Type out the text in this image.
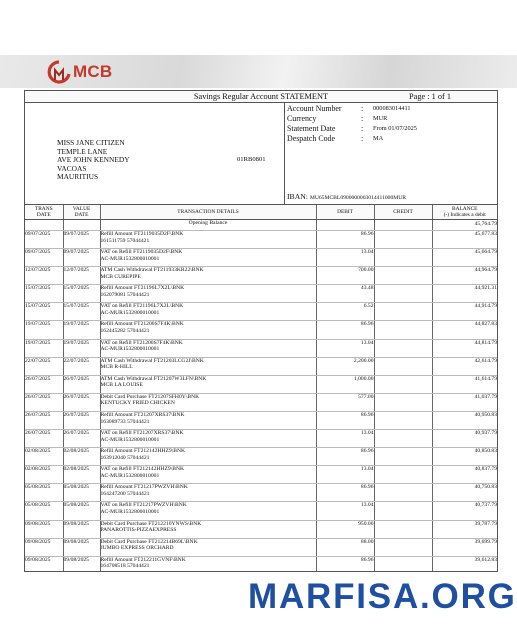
MCB
Savings Regular Account STATEMENT	Page : 1 of 1
MISS JANE CITIZEN
TEMPLE LANE
AVE JOHN KENNEDY
VACOAS
MAURITIUS
01RB0801
Account Number : 000083014411
Currency	: MUR
Statement Date	: From 01/07/2025
Despatch Code	: MA
IBAN: MU65MCBL0900000003014411000MUR
TRANS
DATE	VALUE
DATE	TRANSACTION DETAILS	DEBIT	CREDIT	BALANCE
(-) Indicates a debit
		Opening Balance			45,764.79
09/07/2025	09/07/2025	Refill Amount FT2119035D2F\BNK
161511759 57044421	86.96		45,677.83
09/07/2025	09/07/2025	VAT on Refill FT2119035D2F\BNK
AC-MUR1532800010001	13.04		45,664.79
12/07/2025	12/07/2025	ATM Cash Withdrawal FT211933KR22\BNK
MCB CUREPIPE	700.00		44,964.79
15/07/2025	15/07/2025	Refill Amount FT21196L7X2L\BNK
162079081 57044421	43.48		44,921.31
15/07/2025	15/07/2025	VAT on Refill FT21196L7X2L\BNK
AC-MUR1532800010001	6.52		44,914.79
19/07/2025	19/07/2025	Refill Amount FT21200S7F4K\BNK
162445282 57044421	86.96		44,827.83
19/07/2025	19/07/2025	VAT on Refill FT21200S7F4K\BNK
AC-MUR1532800010001	13.04		44,814.79
22/07/2025	22/07/2025	ATM Cash Withdrawal FT21203LCG2J\BNK
MCB R-HILL	2,200.00		42,614.79
26/07/2025	26/07/2025	ATM Cash Withdrawal FT21207W3LFN\BNK
MCB LA LOUISE	1,000.00		41,614.79
26/07/2025	26/07/2025	Debit Card Purchase FT21207SFH0Y\BNK
KENTUCKY FRIED CHICKEN	577.00		41,037.79
26/07/2025	26/07/2025	Refill Amount FT21207XRS37\BNK
163089733 57044421	86.96		40,950.83
26/07/2025	26/07/2025	VAT on Refill FT21207XRS37\BNK
AC-MUR1532800010001	13.04		40,937.79
02/08/2025	02/08/2025	Refill Amount FT212142HHZ9\BNK
163912040 57044421	86.96		40,850.83
02/08/2025	02/08/2025	VAT on Refill FT212142HHZ9\BNK
AC-MUR1532800010001	13.04		40,837.79
05/08/2025	05/08/2025	Refill Amount FT21217PWZVH\BNK
164247200 57044421	86.96		40,750.83
05/08/2025	05/08/2025	VAT on Refill FT21217PWZVH\BNK
AC-MUR1532800010001	13.04		40,737.79
09/08/2025	09/08/2025	Debit Card Purchase FT212210YNWS\BNK
PANAROTTIS-PIZZAEXPRESS	950.00		39,787.79
09/08/2025	09/08/2025	Debit Card Purchase FT212214B69L\BNK
JUMBO EXPRESS ORCHARD	88.00		39,699.79
09/08/2025	09/08/2025	Refill Amount FT212211GVNF\BNK
164708518 57044421	86.96		39,612.83
MARFISA.ORG
